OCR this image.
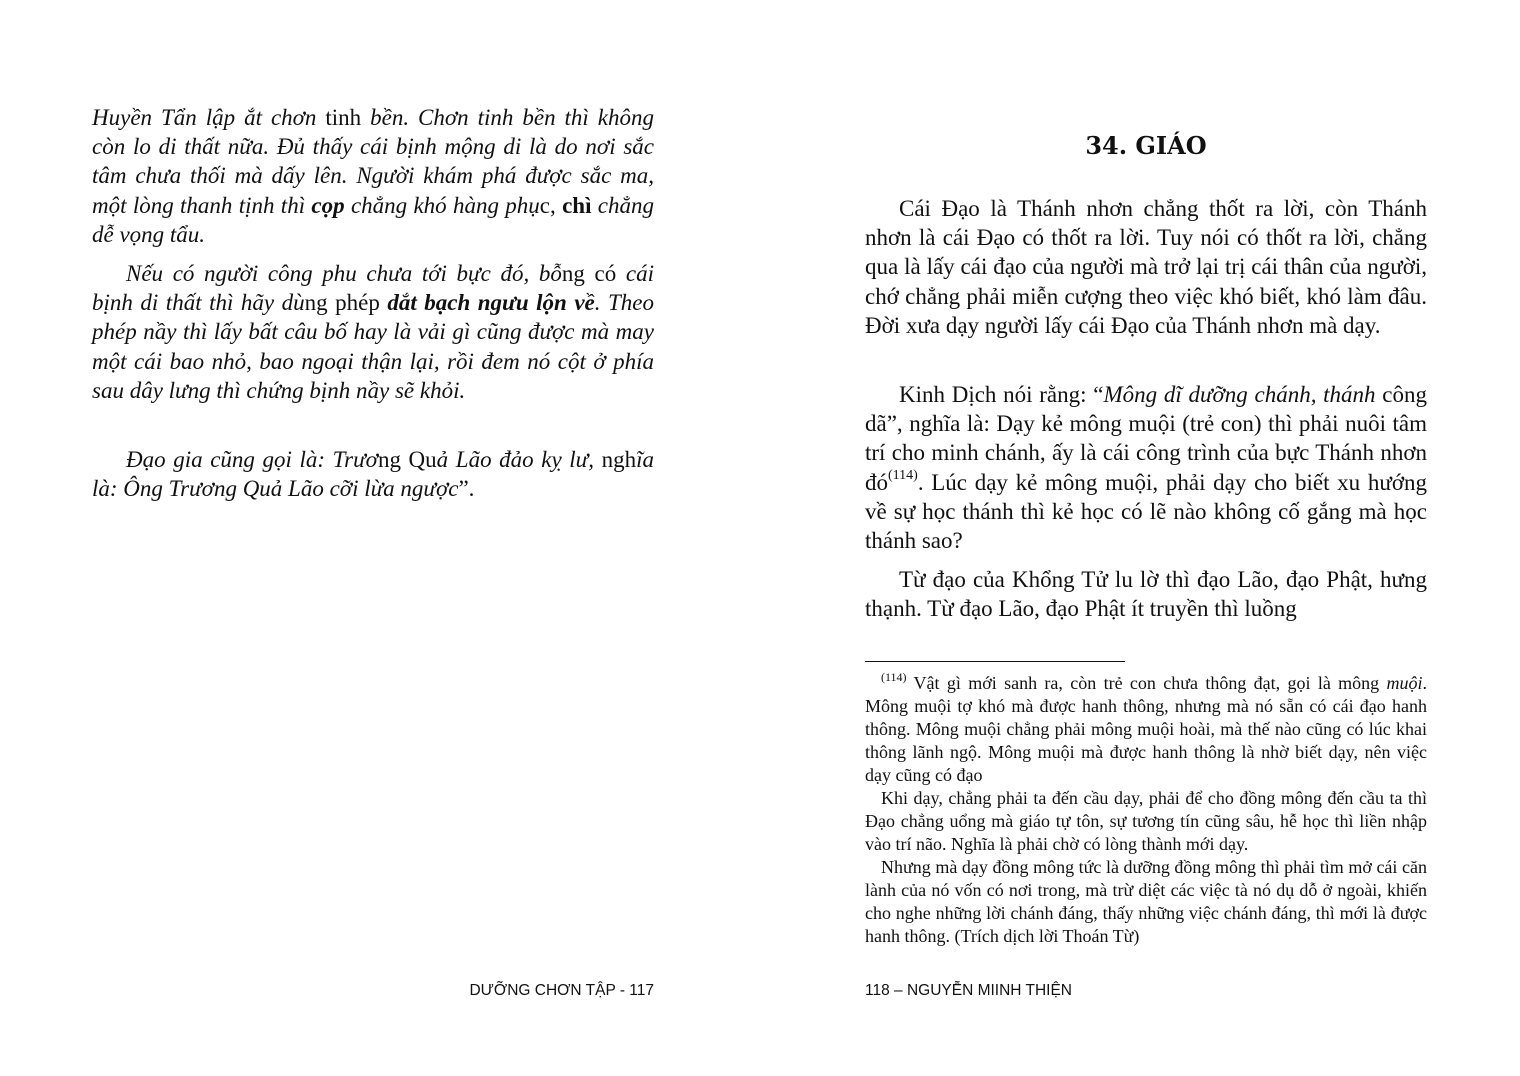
Huyền Tẩn lập ắt chơn tinh bền. Chơn tinh bền thì không còn lo di thất nữa. Đủ thấy cái bịnh mộng di là do nơi sắc tâm chưa thối mà dấy lên. Người khám phá được sắc ma, một lòng thanh tịnh thì cọp chẳng khó hàng phục, chì chẳng dễ vọng tẩu.

Nếu có người công phu chưa tới bực đó, bỗng có cái bịnh di thất thì hãy dùng phép dắt bạch ngưu lộn về. Theo phép nầy thì lấy bất câu bố hay là vải gì cũng được mà may một cái bao nhỏ, bao ngoại thận lại, rồi đem nó cột ở phía sau dây lưng thì chứng bịnh nầy sẽ khỏi.

Đạo gia cũng gọi là: Trương Quả Lão đảo kỵ lư, nghĩa là: Ông Trương Quả Lão cỡi lừa ngược”.

DƯỠNG CHƠN TẬP - 117
34. GIÁO

Cái Đạo là Thánh nhơn chẳng thốt ra lời, còn Thánh nhơn là cái Đạo có thốt ra lời. Tuy nói có thốt ra lời, chẳng qua là lấy cái đạo của người mà trở lại trị cái thân của người, chớ chẳng phải miễn cượng theo việc khó biết, khó làm đâu. Đời xưa dạy người lấy cái Đạo của Thánh nhơn mà dạy.

Kinh Dịch nói rằng: “Mông dĩ dưỡng chánh, thánh công dã”, nghĩa là: Dạy kẻ mông muội (trẻ con) thì phải nuôi tâm trí cho minh chánh, ấy là cái công trình của bực Thánh nhơn đó$^{(114)}$. Lúc dạy kẻ mông muội, phải dạy cho biết xu hướng về sự học thánh thì kẻ học có lẽ nào không cố gắng mà học thánh sao?

Từ đạo của Khổng Tử lu lờ thì đạo Lão, đạo Phật, hưng thạnh. Từ đạo Lão, đạo Phật ít truyền thì luồng

$^{(114)}$ Vật gì mới sanh ra, còn trẻ con chưa thông đạt, gọi là mông muội. Mông muội tợ khó mà được hanh thông, nhưng mà nó sẵn có cái đạo hanh thông. Mông muội chẳng phải mông muội hoài, mà thế nào cũng có lúc khai thông lãnh ngộ. Mông muội mà được hanh thông là nhờ biết dạy, nên việc dạy cũng có đạo

Khi dạy, chẳng phải ta đến cầu dạy, phải để cho đồng mông đến cầu ta thì Đạo chẳng uổng mà giáo tự tôn, sự tương tín cũng sâu, hễ học thì liền nhập vào trí não. Nghĩa là phải chờ có lòng thành mới dạy.

Nhưng mà dạy đồng mông tức là dưỡng đồng mông thì phải tìm mở cái căn lành của nó vốn có nơi trong, mà trừ diệt các việc tà nó dụ dỗ ở ngoài, khiến cho nghe những lời chánh đáng, thấy những việc chánh đáng, thì mới là được hanh thông. (Trích dịch lời Thoán Từ)

118 – NGUYỄN MIINH THIỆN
